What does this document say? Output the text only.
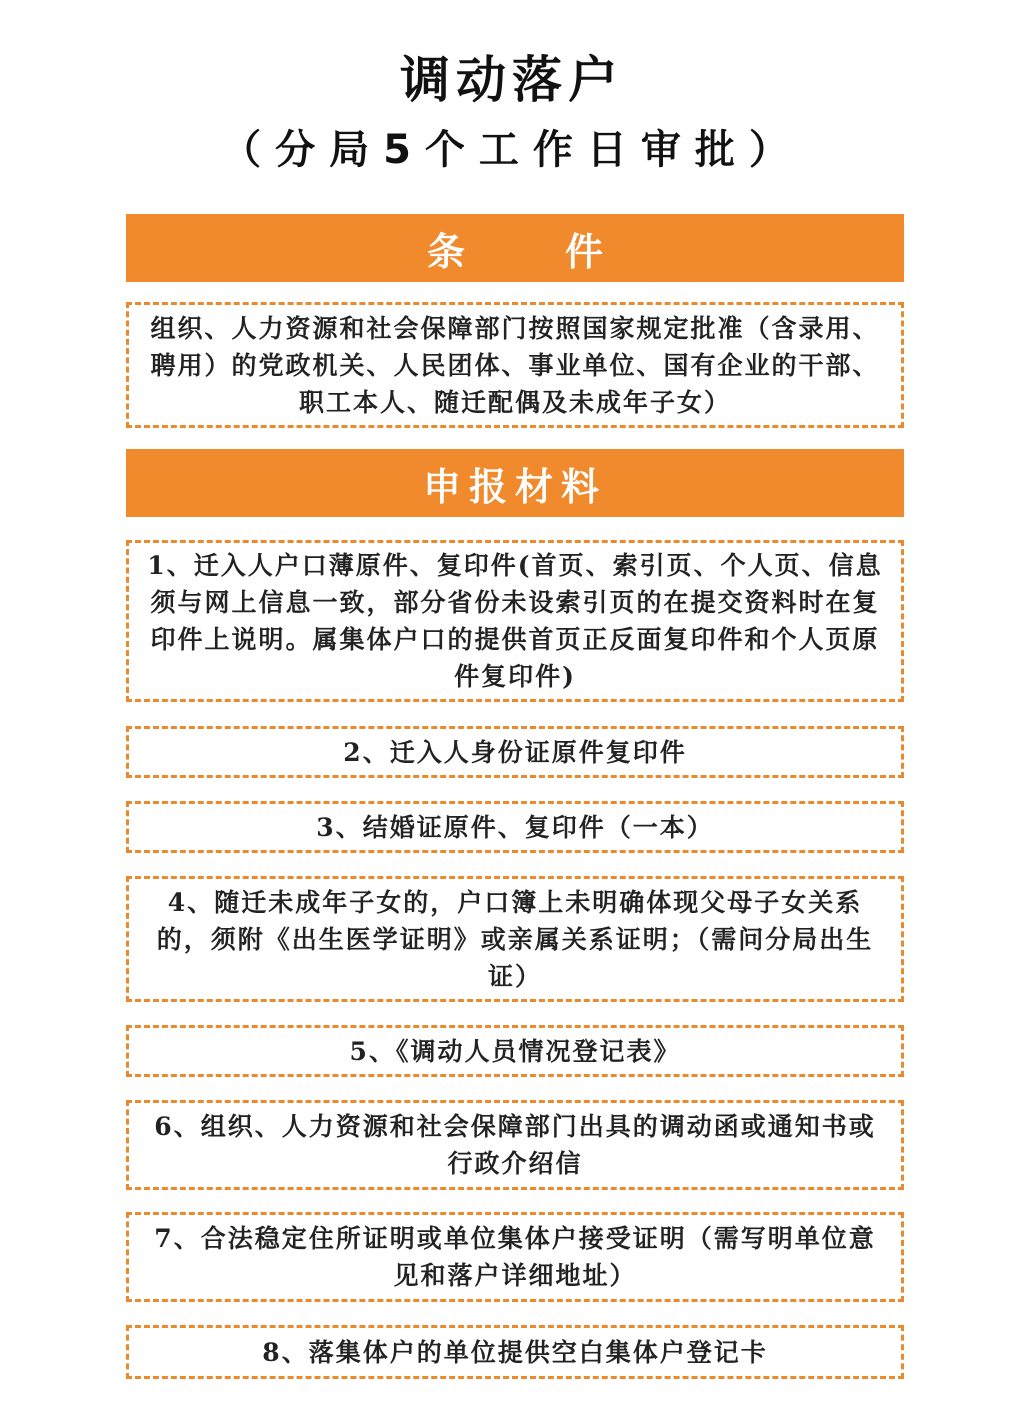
调动落户
（分局5个工作日审批）
条件
组织、人力资源和社会保障部门按照国家规定批准（含录用、聘用）的党政机关、人民团体、事业单位、国有企业的干部、职工本人、随迁配偶及未成年子女）
申报材料
1、迁入人户口薄原件、复印件(首页、索引页、个人页、信息须与网上信息一致，部分省份未设索引页的在提交资料时在复印件上说明。属集体户口的提供首页正反面复印件和个人页原件复印件)
2、迁入人身份证原件复印件
3、结婚证原件、复印件（一本）
4、随迁未成年子女的，户口簿上未明确体现父母子女关系的，须附《出生医学证明》或亲属关系证明；（需问分局出生证）
5、《调动人员情况登记表》
6、组织、人力资源和社会保障部门出具的调动函或通知书或行政介绍信
7、合法稳定住所证明或单位集体户接受证明（需写明单位意见和落户详细地址）
8、落集体户的单位提供空白集体户登记卡
